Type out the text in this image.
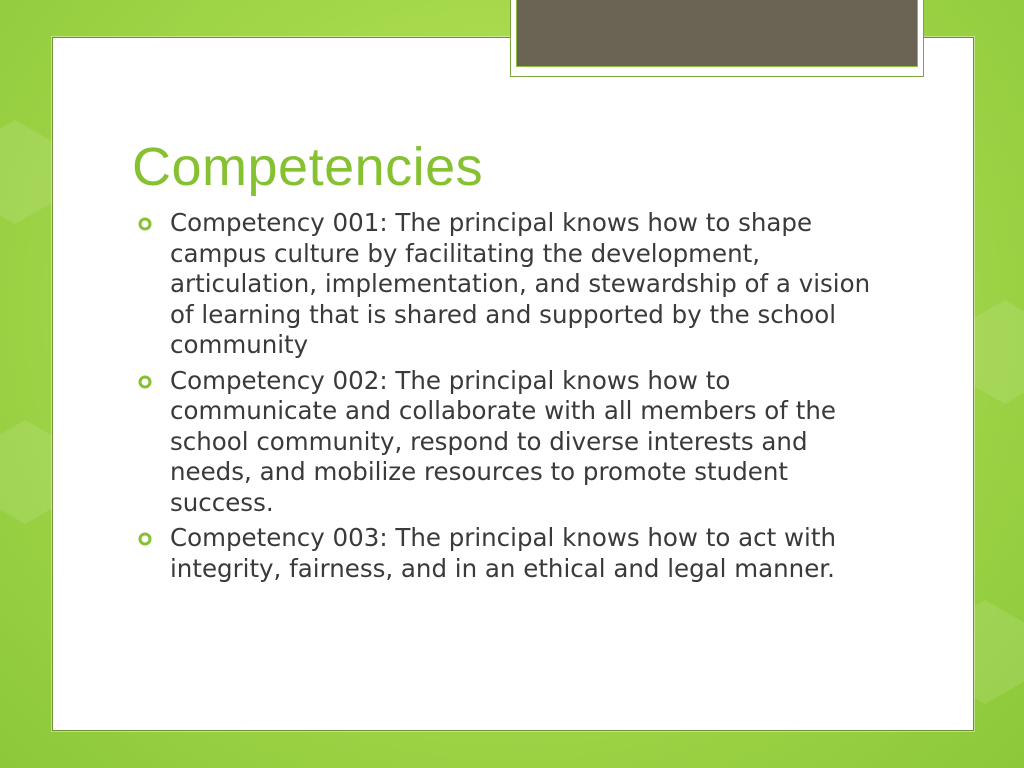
Competencies
Competency 001: The principal knows how to shape campus culture by facilitating the development, articulation, implementation, and stewardship of a vision of learning that is shared and supported by the school community
Competency 002: The principal knows how to communicate and collaborate with all members of the school community, respond to diverse interests and needs, and mobilize resources to promote student success.
Competency 003: The principal knows how to act with integrity, fairness, and in an ethical and legal manner.
